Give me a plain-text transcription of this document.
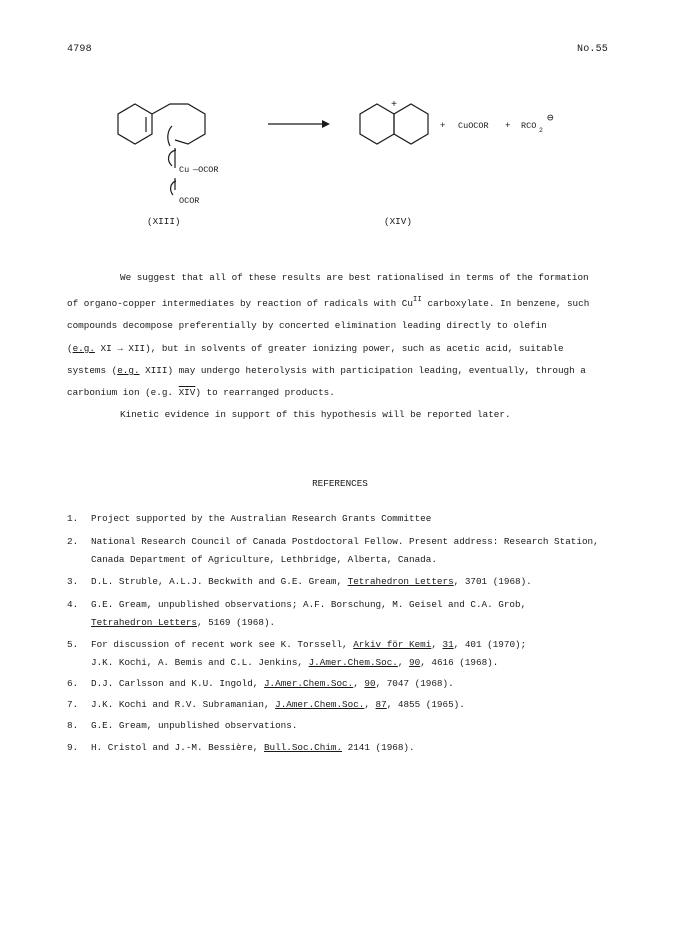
4798	No.55
Cu —OCOR
OCOR
+
+ CuOCOR + RCO 2
⊖
(XIII)	(XIV)
We suggest that all of these results are best rationalised in terms of the formation
of organo-copper intermediates by reaction of radicals with $Cu^{II}$ carboxylate. In benzene, such
compounds decompose preferentially by concerted elimination leading directly to olefin
(e.g. XI → XII), but in solvents of greater ionizing power, such as acetic acid, suitable
systems (e.g. XIII) may undergo heterolysis with participation leading, eventually, through a
carbonium ion (e.g. $\overline{XIV}$) to rearranged products.
Kinetic evidence in support of this hypothesis will be reported later.
REFERENCES
1. Project supported by the Australian Research Grants Committee
2. National Research Council of Canada Postdoctoral Fellow. Present address: Research Station,
Canada Department of Agriculture, Lethbridge, Alberta, Canada.
3. D.L. Struble, A.L.J. Beckwith and G.E. Gream, Tetrahedron Letters, 3701 (1968).
4. G.E. Gream, unpublished observations; A.F. Borschung, M. Geisel and C.A. Grob,
Tetrahedron Letters, 5169 (1968).
5. For discussion of recent work see K. Torssell, Arkiv för Kemi, 31, 401 (1970);
J.K. Kochi, A. Bemis and C.L. Jenkins, J.Amer.Chem.Soc., 90, 4616 (1968).
6. D.J. Carlsson and K.U. Ingold, J.Amer.Chem.Soc., 90, 7047 (1968).
7. J.K. Kochi and R.V. Subramanian, J.Amer.Chem.Soc., 87, 4855 (1965).
8. G.E. Gream, unpublished observations.
9. H. Cristol and J.-M. Bessière, Bull.Soc.Chim. 2141 (1968).
